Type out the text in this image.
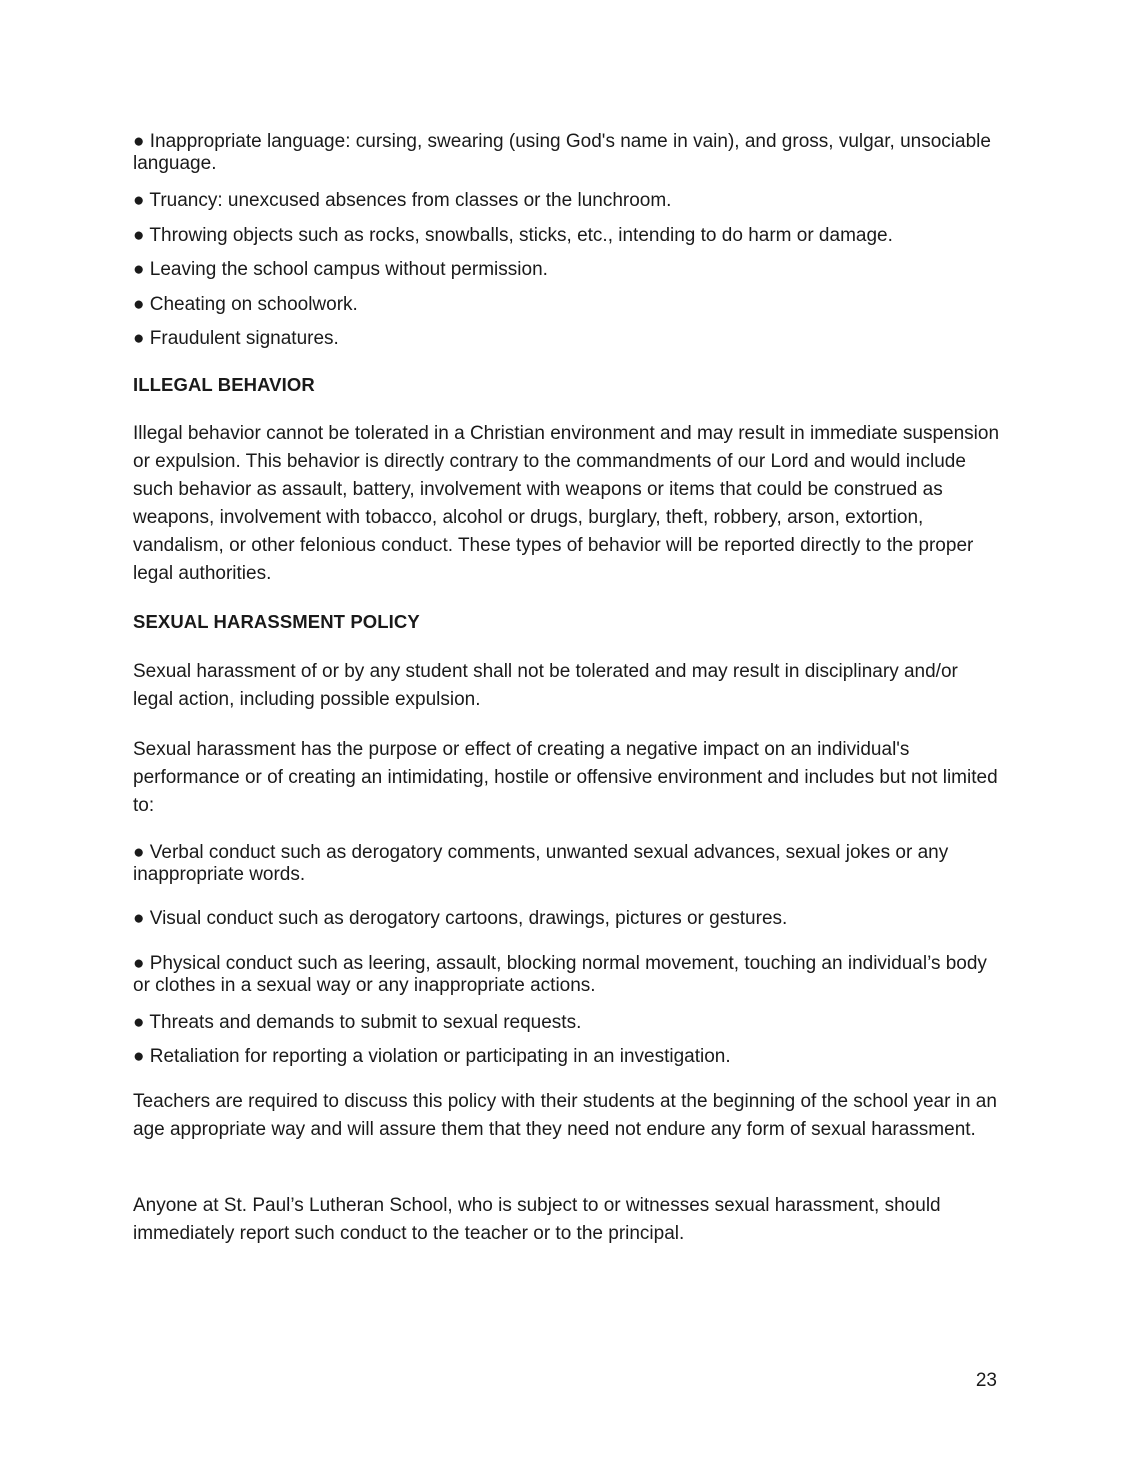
● Inappropriate language: cursing, swearing (using God's name in vain), and gross, vulgar, unsociable language.
● Truancy: unexcused absences from classes or the lunchroom.
● Throwing objects such as rocks, snowballs, sticks, etc., intending to do harm or damage.
● Leaving the school campus without permission.
● Cheating on schoolwork.
● Fraudulent signatures.
ILLEGAL BEHAVIOR
Illegal behavior cannot be tolerated in a Christian environment and may result in immediate suspension or expulsion. This behavior is directly contrary to the commandments of our Lord and would include such behavior as assault, battery, involvement with weapons or items that could be construed as weapons, involvement with tobacco, alcohol or drugs, burglary, theft, robbery, arson, extortion, vandalism, or other felonious conduct. These types of behavior will be reported directly to the proper legal authorities.
SEXUAL HARASSMENT POLICY
Sexual harassment of or by any student shall not be tolerated and may result in disciplinary and/or legal action, including possible expulsion.
Sexual harassment has the purpose or effect of creating a negative impact on an individual's performance or of creating an intimidating, hostile or offensive environment and includes but not limited to:
● Verbal conduct such as derogatory comments, unwanted sexual advances, sexual jokes or any inappropriate words.
● Visual conduct such as derogatory cartoons, drawings, pictures or gestures.
● Physical conduct such as leering, assault, blocking normal movement, touching an individual’s body or clothes in a sexual way or any inappropriate actions.
● Threats and demands to submit to sexual requests.
● Retaliation for reporting a violation or participating in an investigation.
Teachers are required to discuss this policy with their students at the beginning of the school year in an age appropriate way and will assure them that they need not endure any form of sexual harassment.
Anyone at St. Paul’s Lutheran School, who is subject to or witnesses sexual harassment, should immediately report such conduct to the teacher or to the principal.
23
